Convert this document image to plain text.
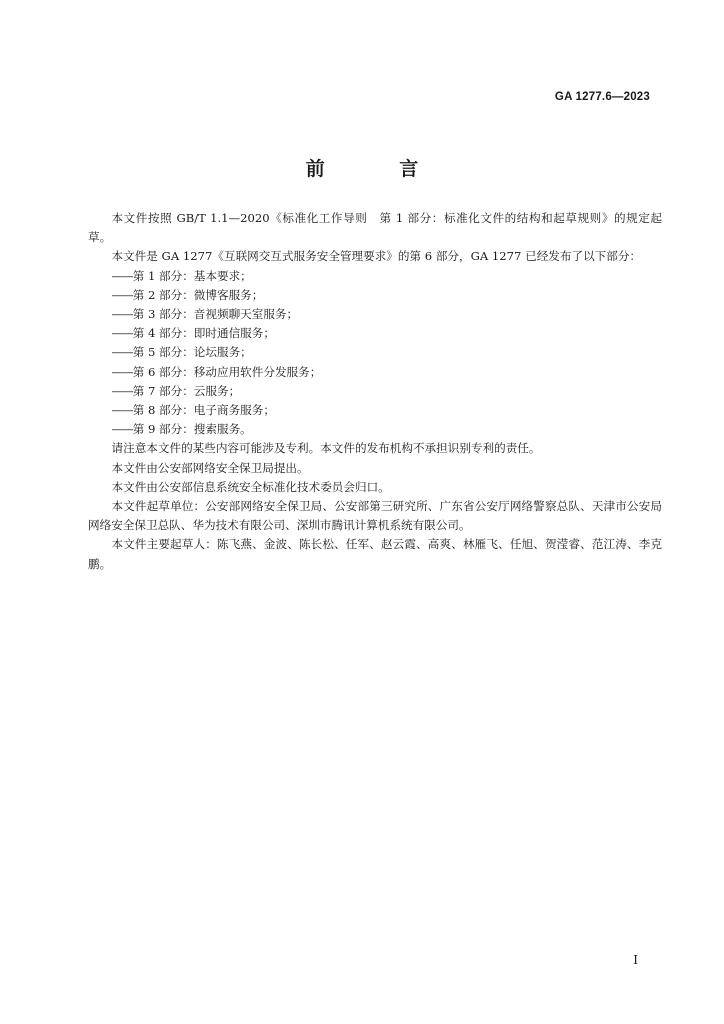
GA 1277.6—2023
前 言

本文件按照 GB/T 1.1—2020《标准化工作导则　第 1 部分：标准化文件的结构和起草规则》的规定起草。

本文件是 GA 1277《互联网交互式服务安全管理要求》的第 6 部分，GA 1277 已经发布了以下部分：

——第 1 部分：基本要求；

——第 2 部分：微博客服务；

——第 3 部分：音视频聊天室服务；

——第 4 部分：即时通信服务；

——第 5 部分：论坛服务；

——第 6 部分：移动应用软件分发服务；

——第 7 部分：云服务；

——第 8 部分：电子商务服务；

——第 9 部分：搜索服务。

请注意本文件的某些内容可能涉及专利。本文件的发布机构不承担识别专利的责任。

本文件由公安部网络安全保卫局提出。

本文件由公安部信息系统安全标准化技术委员会归口。

本文件起草单位：公安部网络安全保卫局、公安部第三研究所、广东省公安厅网络警察总队、天津市公安局网络安全保卫总队、华为技术有限公司、深圳市腾讯计算机系统有限公司。

本文件主要起草人：陈飞燕、金波、陈长松、任军、赵云霞、高爽、林雁飞、任旭、贺滢睿、范江涛、李克鹏。

I
